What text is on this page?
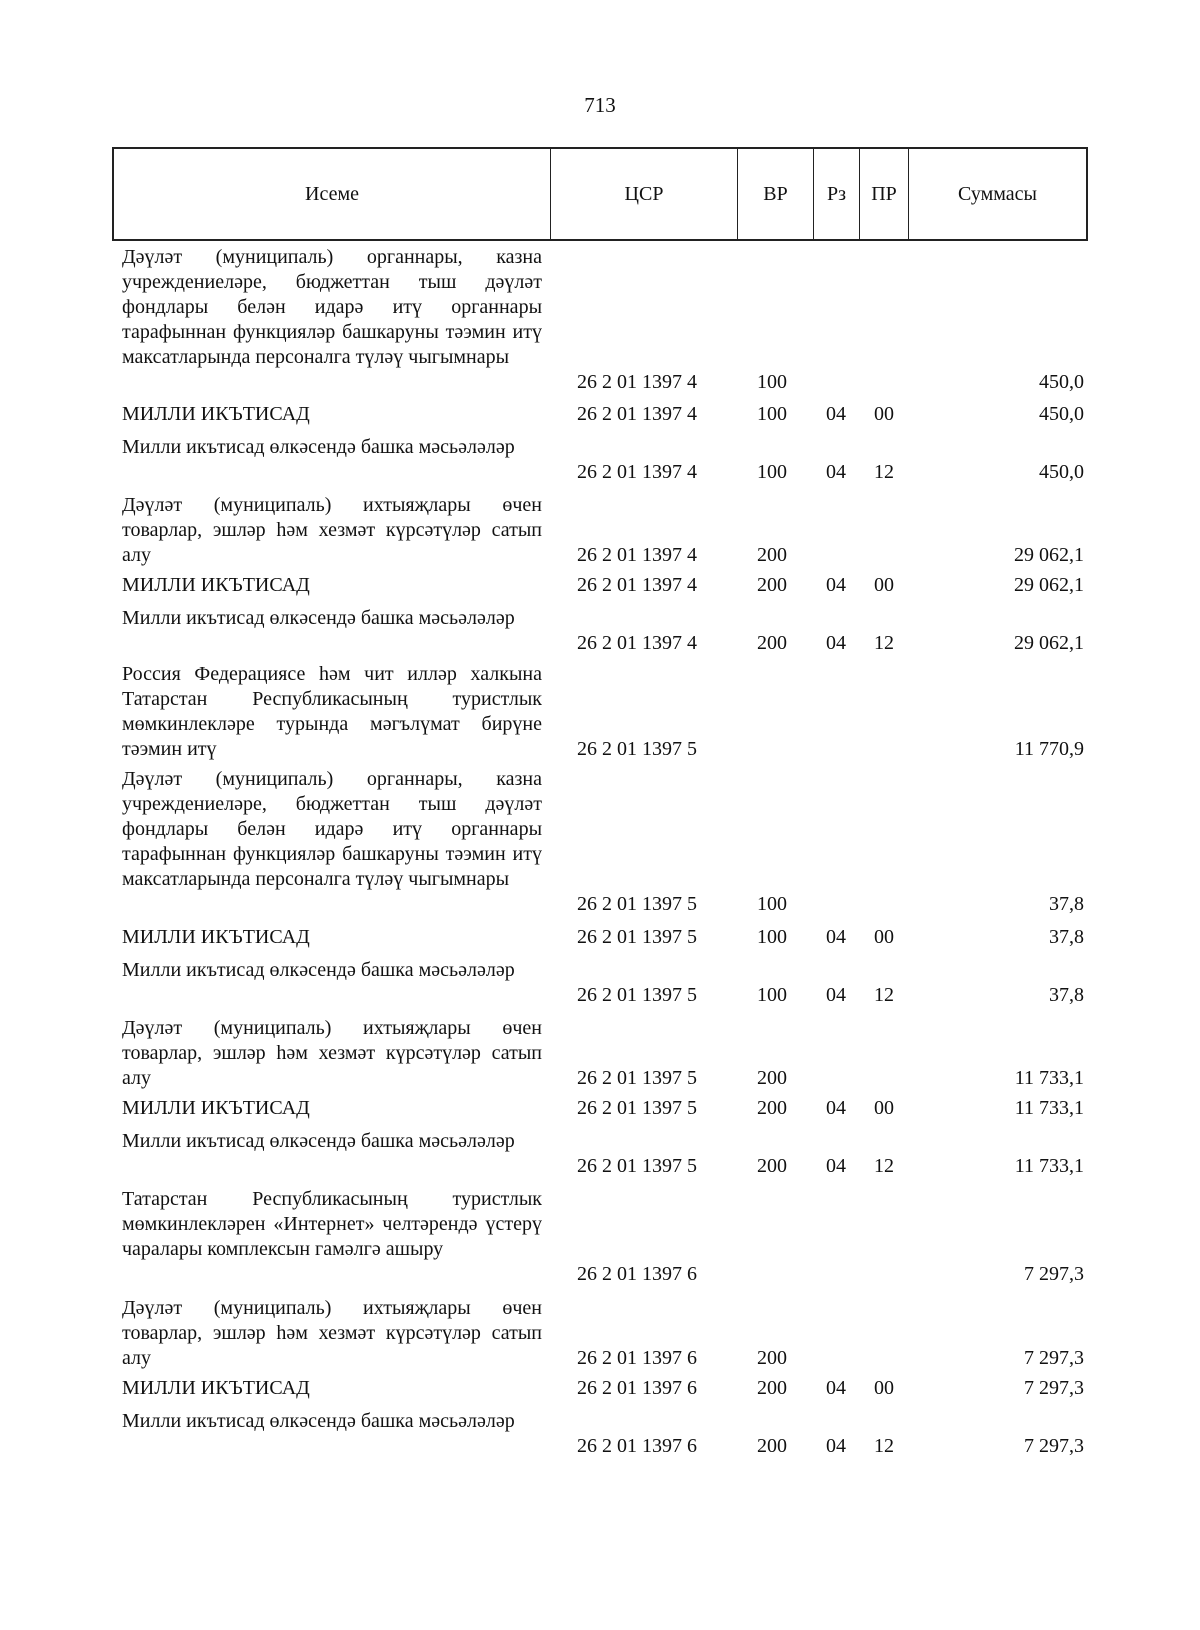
713
Исеме	ЦСР	ВР	Рз	ПР	Суммасы
Дәүләт (муниципаль) органнары, казна учреждениеләре, бюджеттан тыш дәүләт фондлары белән идарә итү органнары тарафыннан функцияләр башкаруны тәэмин итү максатларында персоналга түләү чыгымнары
26 2 01 1397 4	100	450,0
МИЛЛИ ИКЪТИСАД	26 2 01 1397 4	100 04 00	450,0
Милли икътисад өлкәсендә башка мәсьәләләр
26 2 01 1397 4	100 04 12	450,0
Дәүләт (муниципаль) ихтыяҗлары өчен товарлар, эшләр һәм хезмәт күрсәтүләр сатып алу	26 2 01 1397 4	200	29 062,1
МИЛЛИ ИКЪТИСАД	26 2 01 1397 4	200 04 00	29 062,1
Милли икътисад өлкәсендә башка мәсьәләләр
26 2 01 1397 4	200 04 12	29 062,1
Россия Федерациясе һәм чит илләр халкына Татарстан Республикасының туристлык мөмкинлекләре турында мәгълүмат бирүне тәэмин итү	26 2 01 1397 5	11 770,9
Дәүләт (муниципаль) органнары, казна учреждениеләре, бюджеттан тыш дәүләт фондлары белән идарә итү органнары тарафыннан функцияләр башкаруны тәэмин итү максатларында персоналга түләү чыгымнары
26 2 01 1397 5	100	37,8
МИЛЛИ ИКЪТИСАД	26 2 01 1397 5	100 04 00	37,8
Милли икътисад өлкәсендә башка мәсьәләләр
26 2 01 1397 5	100 04 12	37,8
Дәүләт (муниципаль) ихтыяҗлары өчен товарлар, эшләр һәм хезмәт күрсәтүләр сатып алу	26 2 01 1397 5	200	11 733,1
МИЛЛИ ИКЪТИСАД	26 2 01 1397 5	200 04 00	11 733,1
Милли икътисад өлкәсендә башка мәсьәләләр
26 2 01 1397 5	200 04 12	11 733,1
Татарстан Республикасының туристлык мөмкинлекләрен «Интернет» челтәрендә үстерү чаралары комплексын гамәлгә ашыру
26 2 01 1397 6	7 297,3
Дәүләт (муниципаль) ихтыяҗлары өчен товарлар, эшләр һәм хезмәт күрсәтүләр сатып алу	26 2 01 1397 6	200	7 297,3
МИЛЛИ ИКЪТИСАД	26 2 01 1397 6	200 04 00	7 297,3
Милли икътисад өлкәсендә башка мәсьәләләр
26 2 01 1397 6	200 04 12	7 297,3
